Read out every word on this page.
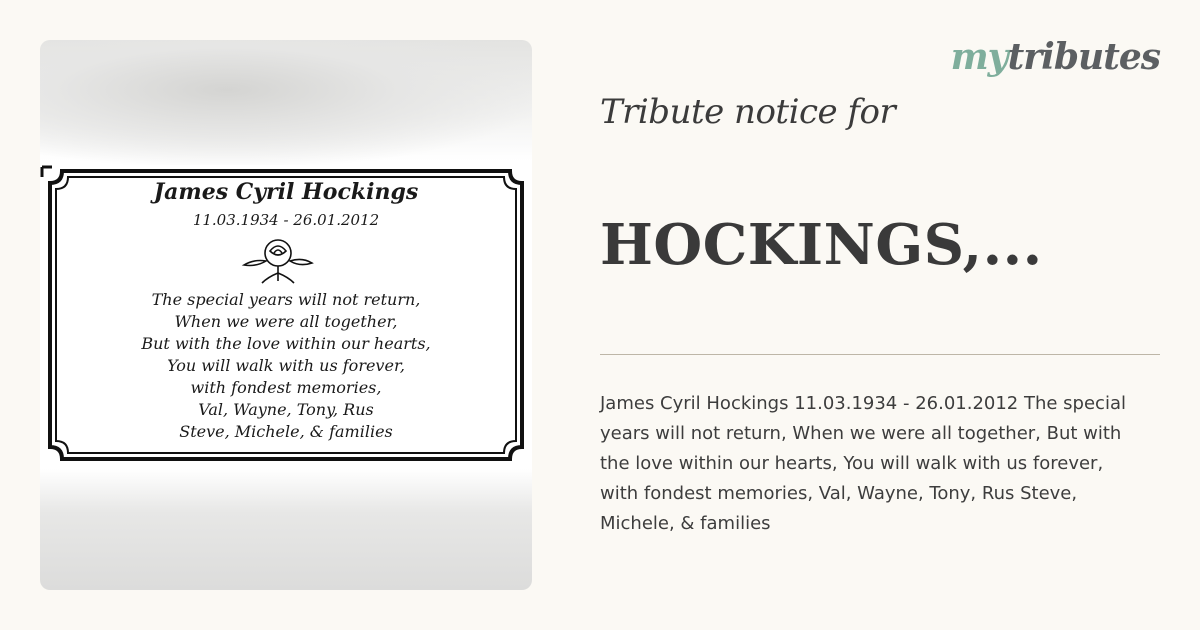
James Cyril Hockings
11.03.1934 - 26.01.2012
The special years will not return,
When we were all together,
But with the love within our hearts,
You will walk with us forever,
with fondest memories,
Val, Wayne, Tony, Rus
Steve, Michele, & families
mytributes
Tribute notice for
HOCKINGS,...

James Cyril Hockings 11.03.1934 - 26.01.2012 The special years will not return, When we were all together, But with the love within our hearts, You will walk with us forever, with fondest memories, Val, Wayne, Tony, Rus Steve, Michele, & families
